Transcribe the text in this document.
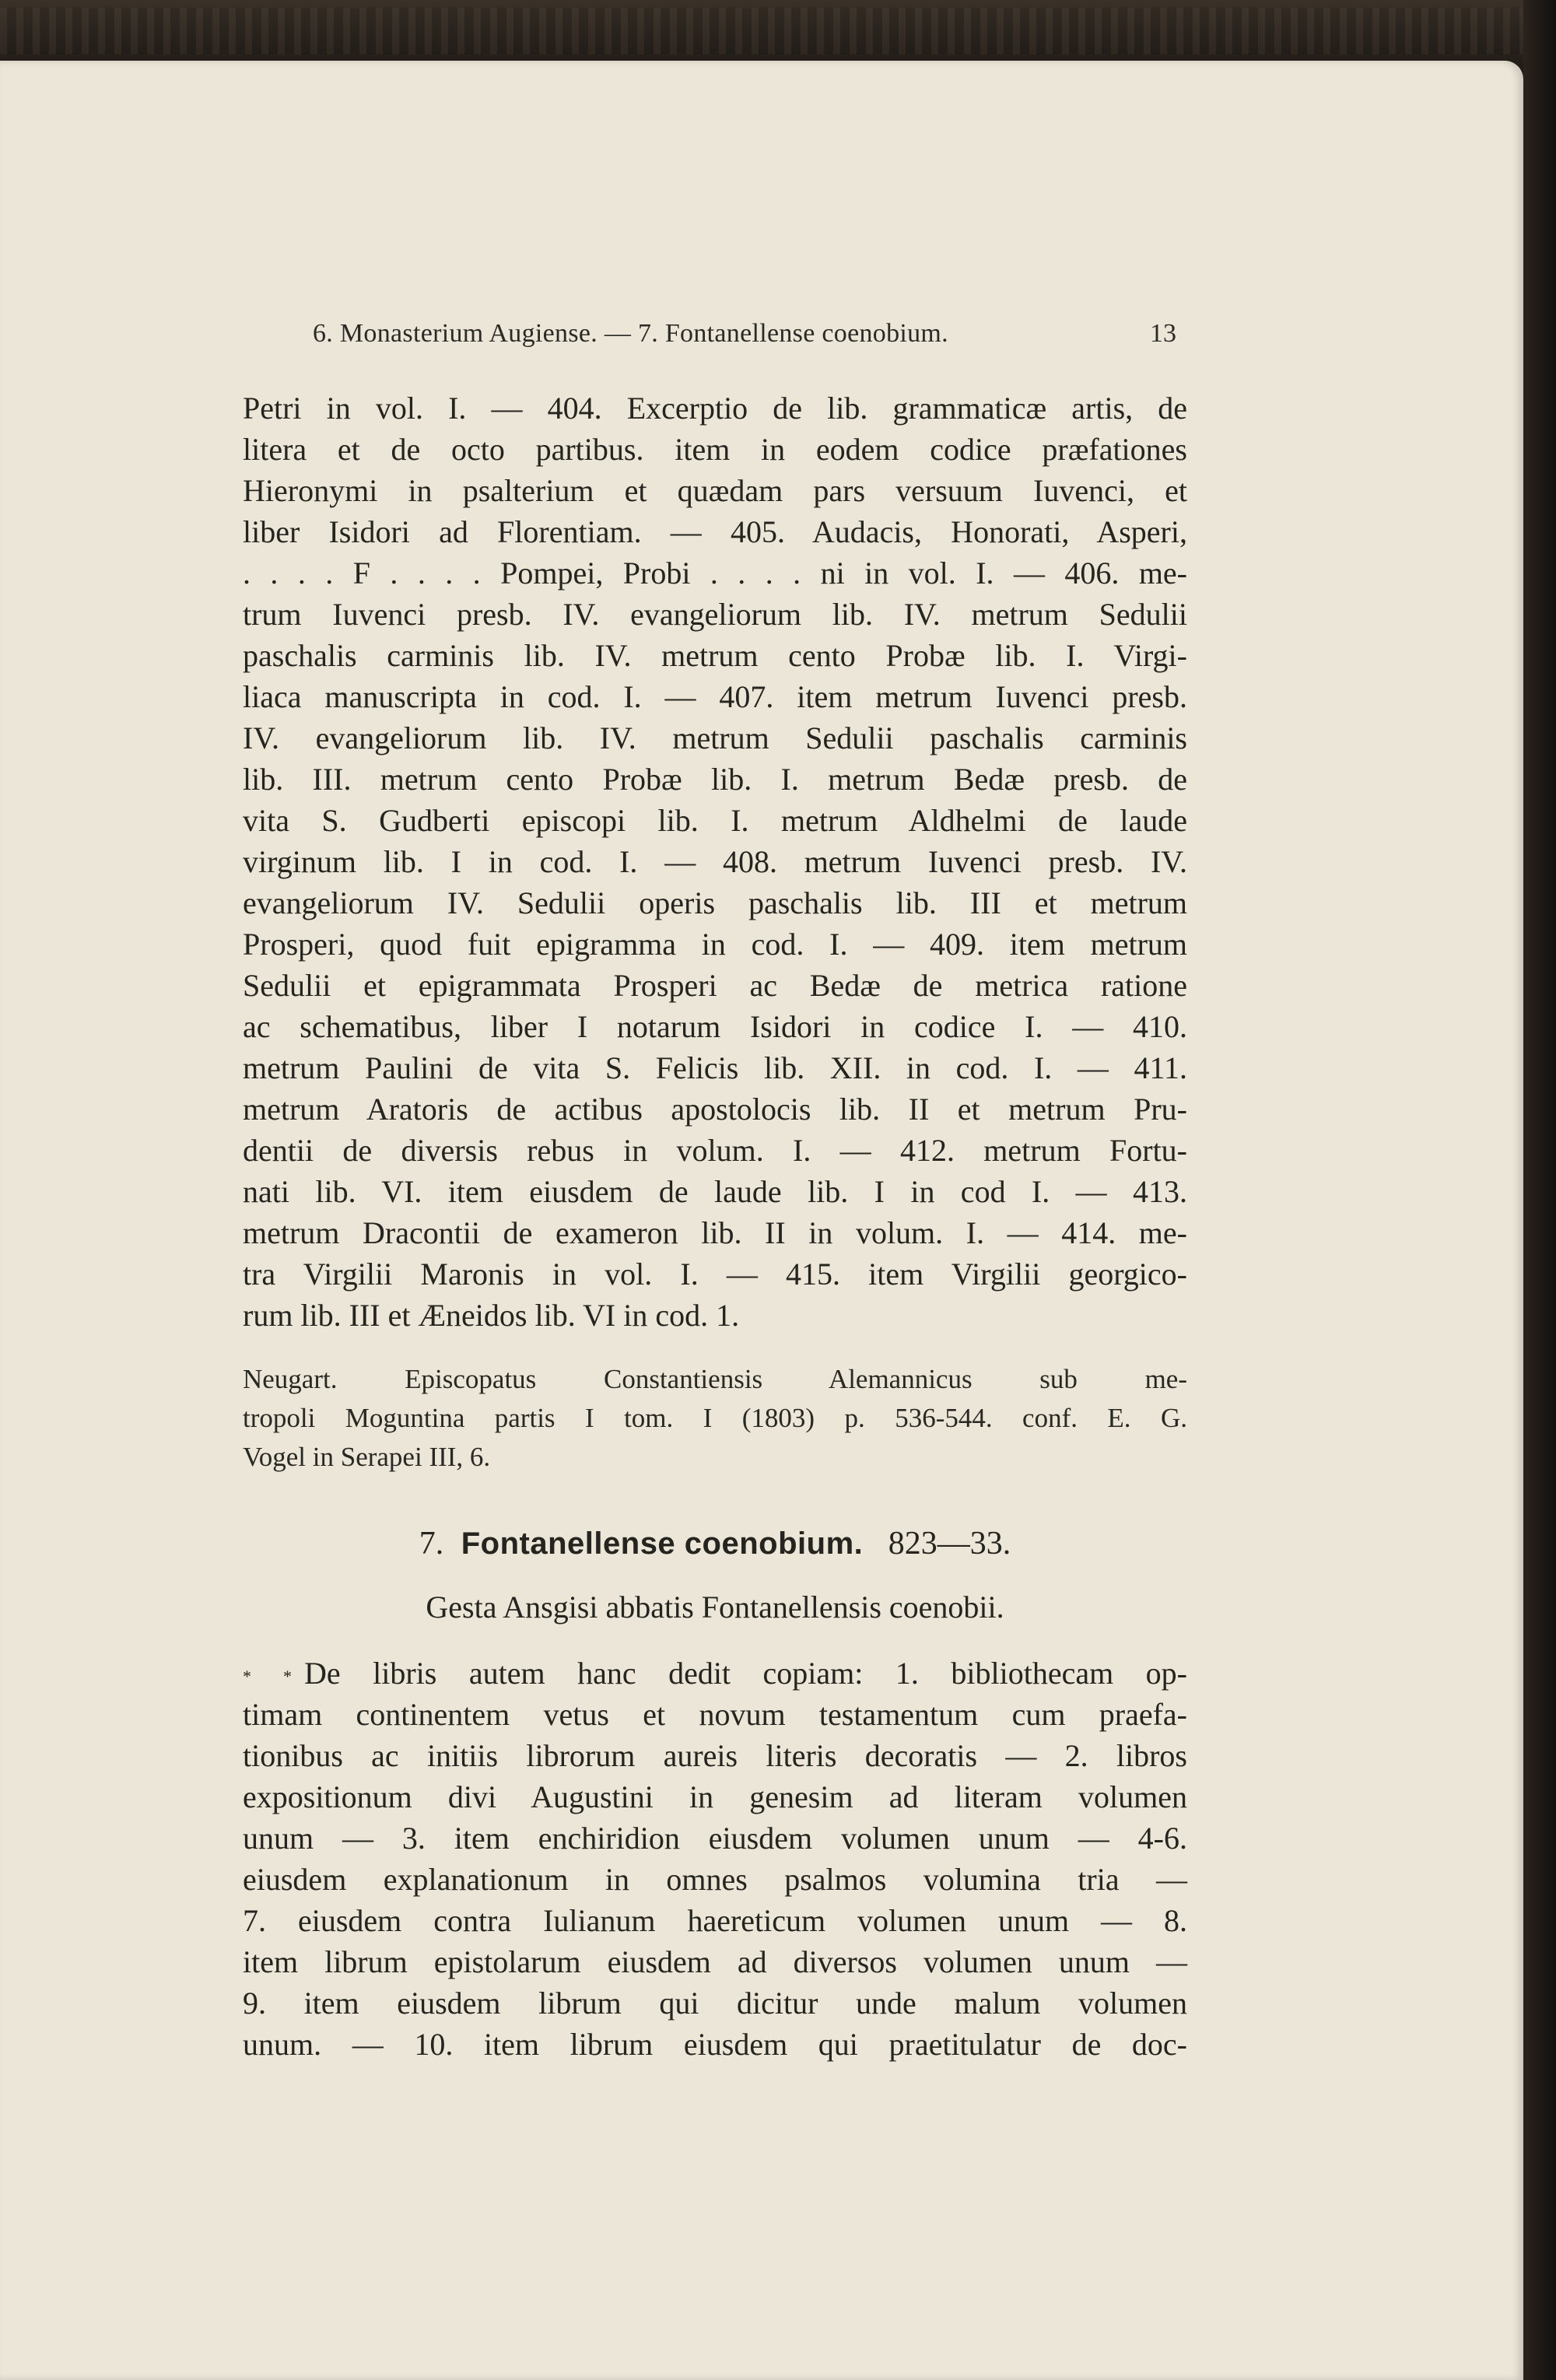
6. Monasterium Augiense. — 7. Fontanellense coenobium.	13
Petri in vol. I. — 404. Excerptio de lib. grammaticæ artis, de
litera et de octo partibus. item in eodem codice præfationes
Hieronymi in psalterium et quædam pars versuum Iuvenci, et
liber Isidori ad Florentiam. — 405. Audacis, Honorati, Asperi,
. . . . F . . . . Pompei, Probi . . . . ni in vol. I. — 406. me-
trum Iuvenci presb. IV. evangeliorum lib. IV. metrum Sedulii
paschalis carminis lib. IV. metrum cento Probæ lib. I. Virgi-
liaca manuscripta in cod. I. — 407. item metrum Iuvenci presb.
IV. evangeliorum lib. IV. metrum Sedulii paschalis carminis
lib. III. metrum cento Probæ lib. I. metrum Bedæ presb. de
vita S. Gudberti episcopi lib. I. metrum Aldhelmi de laude
virginum lib. I in cod. I. — 408. metrum Iuvenci presb. IV.
evangeliorum IV. Sedulii operis paschalis lib. III et metrum
Prosperi, quod fuit epigramma in cod. I. — 409. item metrum
Sedulii et epigrammata Prosperi ac Bedæ de metrica ratione
ac schematibus, liber I notarum Isidori in codice I. — 410.
metrum Paulini de vita S. Felicis lib. XII. in cod. I. — 411.
metrum Aratoris de actibus apostolocis lib. II et metrum Pru-
dentii de diversis rebus in volum. I. — 412. metrum Fortu-
nati lib. VI. item eiusdem de laude lib. I in cod I. — 413.
metrum Dracontii de exameron lib. II in volum. I. — 414. me-
tra Virgilii Maronis in vol. I. — 415. item Virgilii georgico-
rum lib. III et Æneidos lib. VI in cod. 1.
Neugart. Episcopatus Constantiensis Alemannicus sub me-
tropoli Moguntina partis I tom. I (1803) p. 536-544. conf. E. G.
Vogel in Serapei III, 6.
7. Fontanellense coenobium. 823—33.
Gesta Ansgisi abbatis Fontanellensis coenobii.
* * De libris autem hanc dedit copiam: 1. bibliothecam op-
timam continentem vetus et novum testamentum cum praefa-
tionibus ac initiis librorum aureis literis decoratis — 2. libros
expositionum divi Augustini in genesim ad literam volumen
unum — 3. item enchiridion eiusdem volumen unum — 4-6.
eiusdem explanationum in omnes psalmos volumina tria —
7. eiusdem contra Iulianum haereticum volumen unum — 8.
item librum epistolarum eiusdem ad diversos volumen unum —
9. item eiusdem librum qui dicitur unde malum volumen
unum. — 10. item librum eiusdem qui praetitulatur de doc-
